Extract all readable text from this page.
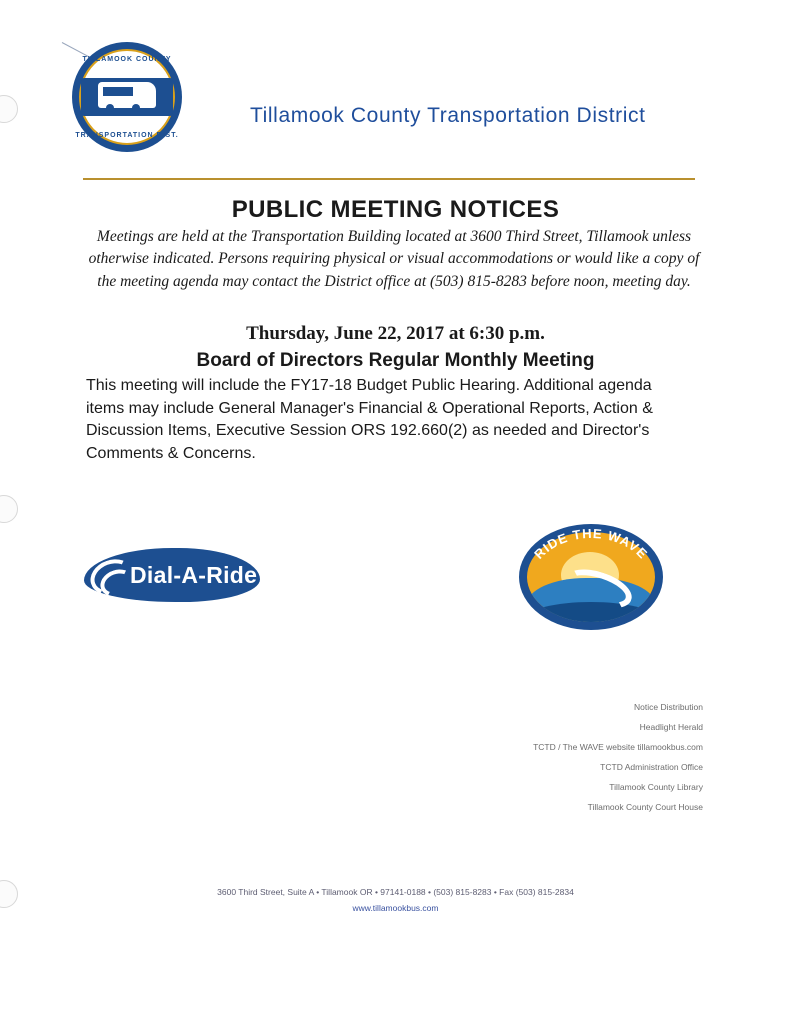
TILLAMOOK COUNTY
TRANSPORTATION DIST.
Tillamook County Transportation District
PUBLIC MEETING NOTICES
Meetings are held at the Transportation Building located at 3600 Third Street, Tillamook unless otherwise indicated. Persons requiring physical or visual accommodations or would like a copy of the meeting agenda may contact the District office at (503) 815-8283 before noon, meeting day.
Thursday, June 22, 2017 at 6:30 p.m.
Board of Directors Regular Monthly Meeting
This meeting will include the FY17-18 Budget Public Hearing. Additional agenda items may include General Manager's Financial & Operational Reports, Action & Discussion Items, Executive Session ORS 192.660(2) as needed and Director's Comments & Concerns.
Dial-A-Ride
RIDE THE WAVE
Notice Distribution
Headlight Herald
TCTD / The WAVE website tillamookbus.com
TCTD Administration Office
Tillamook County Library
Tillamook County Court House
3600 Third Street, Suite A • Tillamook OR • 97141-0188 • (503) 815-8283 • Fax (503) 815-2834
www.tillamookbus.com
